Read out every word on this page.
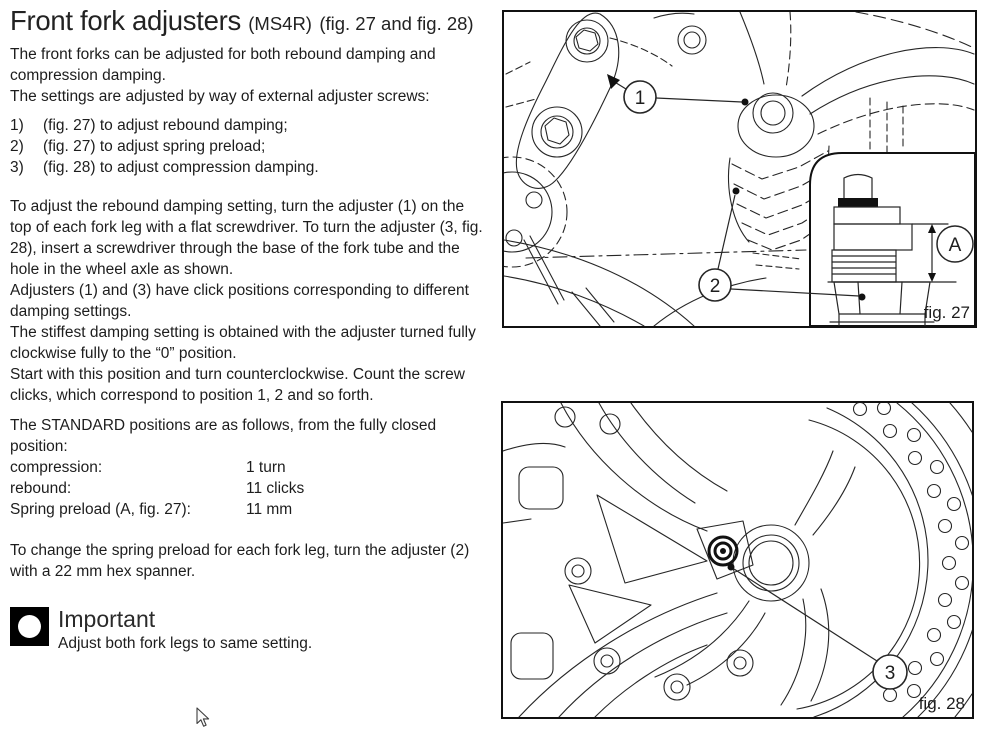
Front fork adjusters (MS4R) (fig. 27 and fig. 28)
The front forks can be adjusted for both rebound damping and compression damping.
The settings are adjusted by way of external adjuster screws:
1)	(fig. 27) to adjust rebound damping;
2)	(fig. 27) to adjust spring preload;
3)	(fig. 28) to adjust compression damping.
To adjust the rebound damping setting, turn the adjuster (1) on the top of each fork leg with a flat screwdriver. To turn the adjuster (3, fig. 28), insert a screwdriver through the base of the fork tube and the hole in the wheel axle as shown.
Adjusters (1) and (3) have click positions corresponding to different damping settings.
The stiffest damping setting is obtained with the adjuster turned fully clockwise fully to the “0” position.
Start with this position and turn counterclockwise. Count the screw clicks, which correspond to position 1, 2 and so forth.
The STANDARD positions are as follows, from the fully closed position:
compression:	1 turn
rebound:	11 clicks
Spring preload (A, fig. 27):	11 mm
To change the spring preload for each fork leg, turn the adjuster (2) with a 22 mm hex spanner.
Important
Adjust both fork legs to same setting.
A
1
2
fig. 27
3
fig. 28
